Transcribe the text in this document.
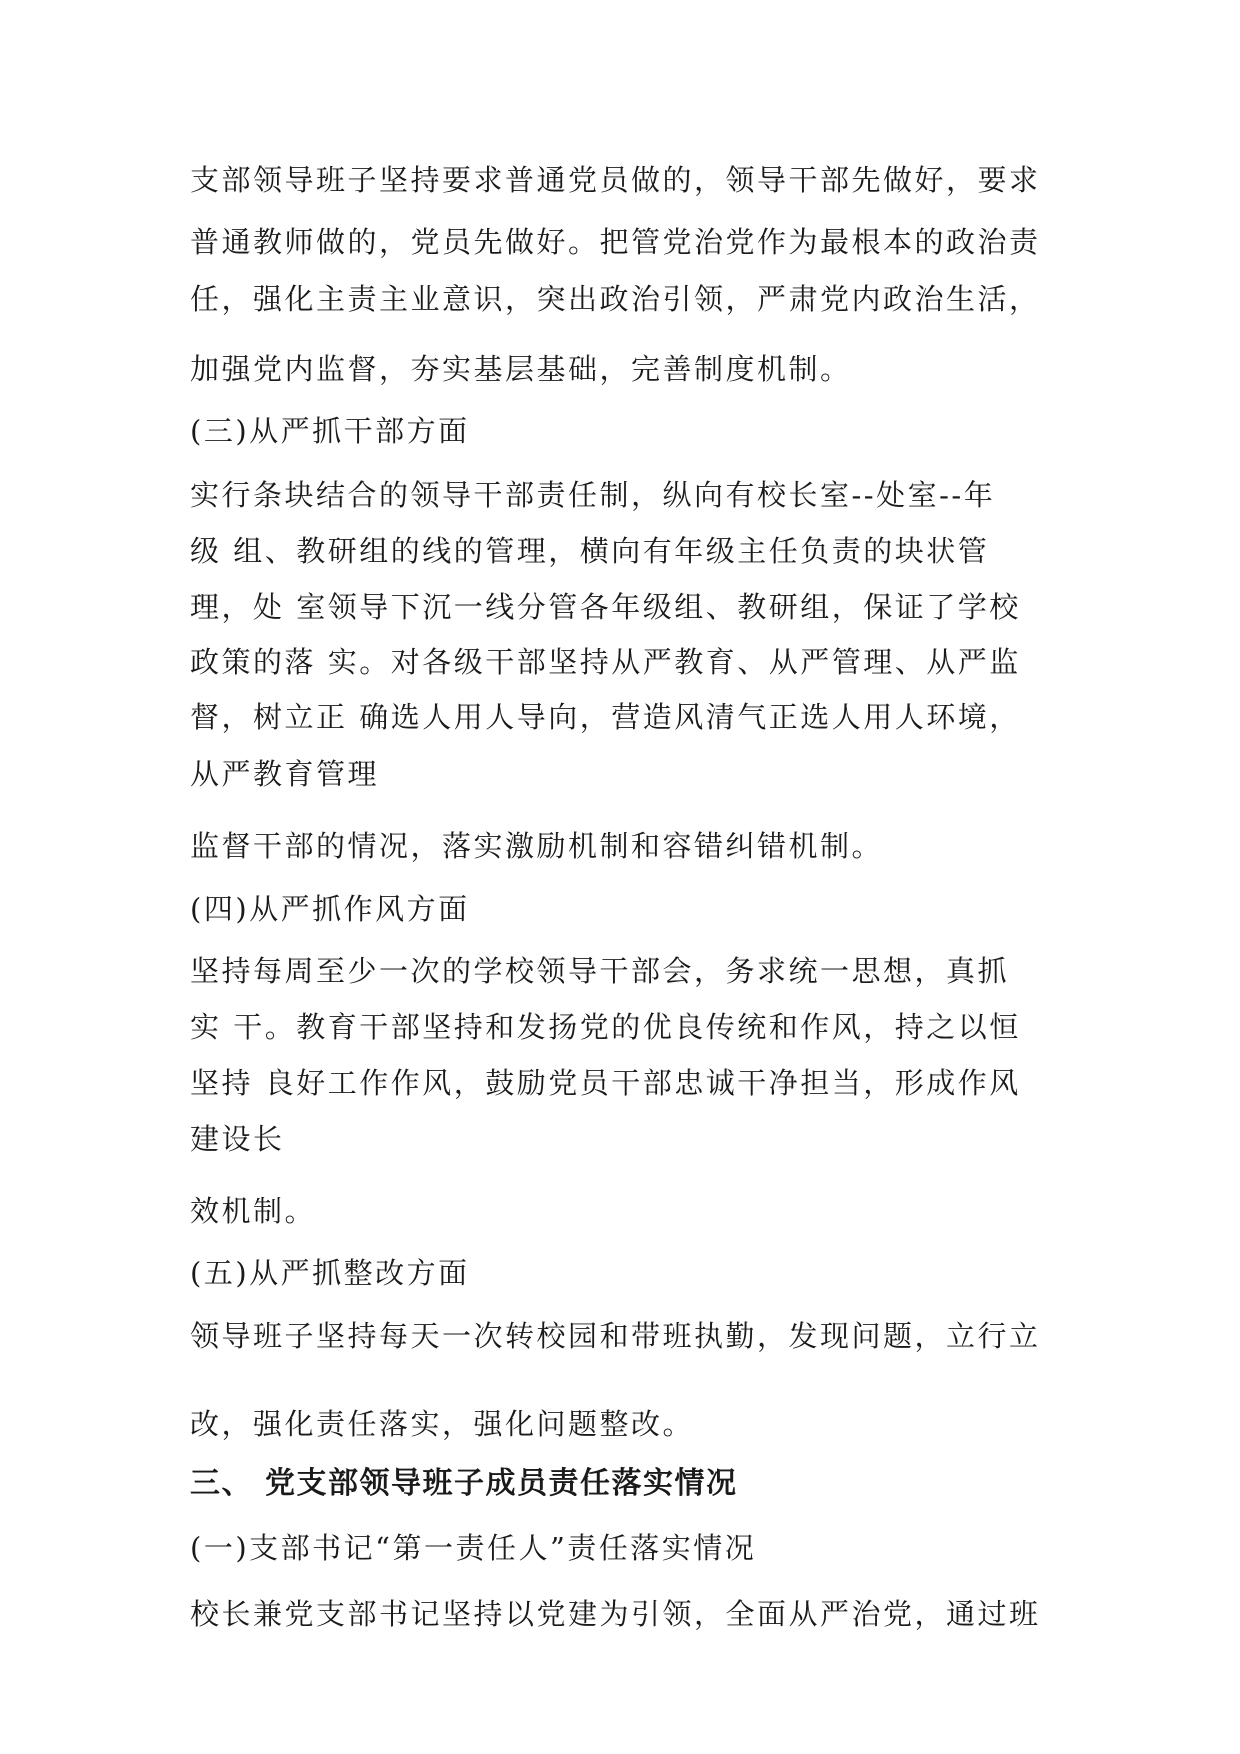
支部领导班子坚持要求普通党员做的，领导干部先做好，要求

普通教师做的，党员先做好。把管党治党作为最根本的政治责

任，强化主责主业意识，突出政治引领，严肃党内政治生活，

加强党内监督，夯实基层基础，完善制度机制。

(三)从严抓干部方面

实行条块结合的领导干部责任制，纵向有校长室--处室--年

级 组、教研组的线的管理，横向有年级主任负责的块状管

理，处 室领导下沉一线分管各年级组、教研组，保证了学校

政策的落 实。对各级干部坚持从严教育、从严管理、从严监

督，树立正 确选人用人导向，营造风清气正选人用人环境，

从严教育管理

监督干部的情况，落实激励机制和容错纠错机制。

(四)从严抓作风方面

坚持每周至少一次的学校领导干部会，务求统一思想，真抓

实 干。教育干部坚持和发扬党的优良传统和作风，持之以恒

坚持 良好工作作风，鼓励党员干部忠诚干净担当，形成作风

建设长

效机制。

(五)从严抓整改方面

领导班子坚持每天一次转校园和带班执勤，发现问题，立行立

改，强化责任落实，强化问题整改。

三、 党支部领导班子成员责任落实情况

(一)支部书记“第一责任人”责任落实情况

校长兼党支部书记坚持以党建为引领，全面从严治党，通过班
